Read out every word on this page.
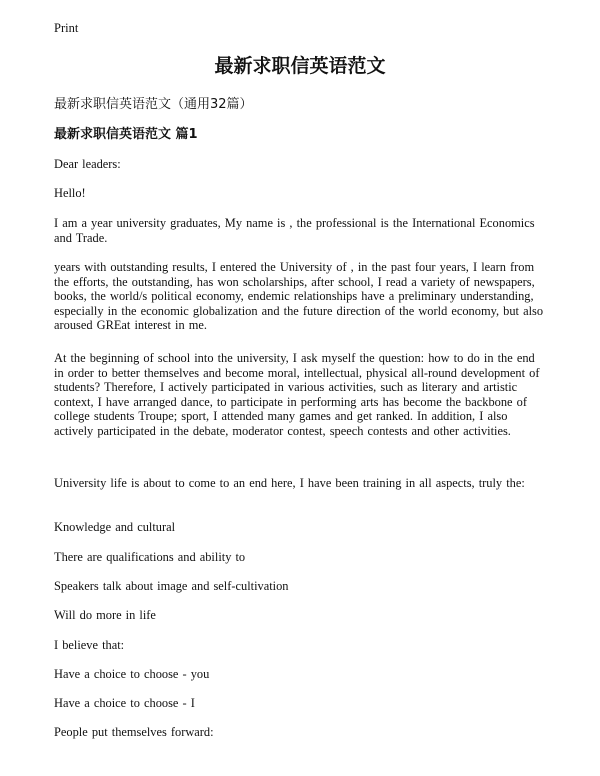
Print
最新求职信英语范文

最新求职信英语范文（通用32篇）

最新求职信英语范文 篇1

Dear leaders:

Hello!

I am a year university graduates, My name is , the professional is the International Economics and Trade.

years with outstanding results, I entered the University of , in the past four years, I learn from the efforts, the outstanding, has won scholarships, after school, I read a variety of newspapers, books, the world/s political economy, endemic relationships have a preliminary understanding, especially in the economic globalization and the future direction of the world economy, but also aroused GREat interest in me.

At the beginning of school into the university, I ask myself the question: how to do in the end in order to better themselves and become moral, intellectual, physical all-round development of students? Therefore, I actively participated in various activities, such as literary and artistic context, I have arranged dance, to participate in performing arts has become the backbone of college students Troupe; sport, I attended many games and get ranked. In addition, I also actively participated in the debate, moderator contest, speech contests and other activities.

University life is about to come to an end here, I have been training in all aspects, truly the:

Knowledge and cultural

There are qualifications and ability to

Speakers talk about image and self-cultivation

Will do more in life

I believe that:

Have a choice to choose - you

Have a choice to choose - I

People put themselves forward:
